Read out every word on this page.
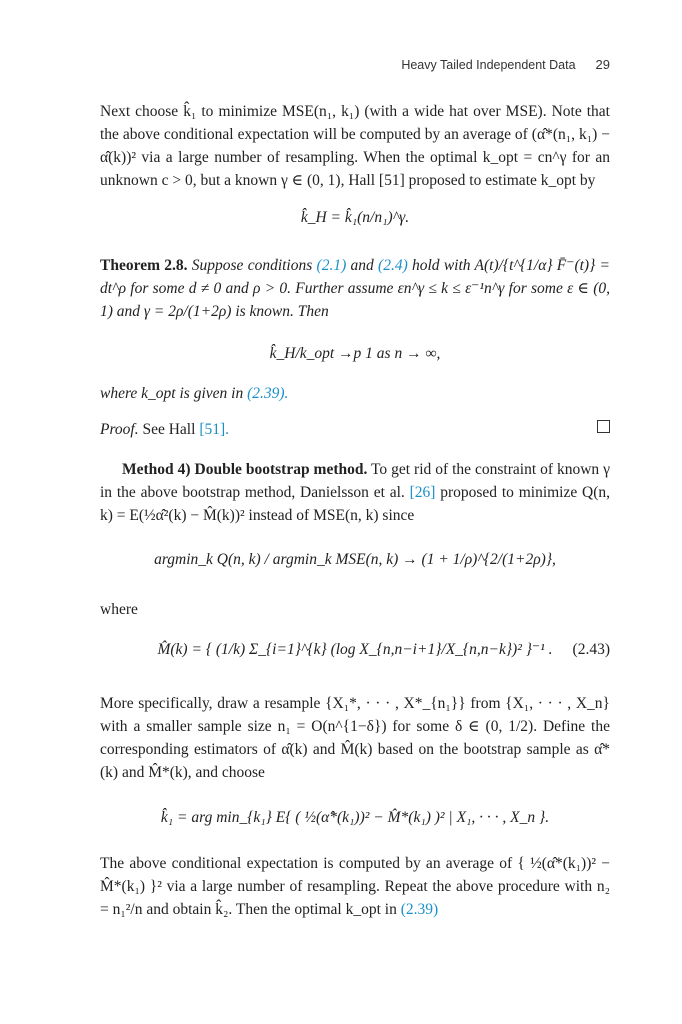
Heavy Tailed Independent Data 29
Next choose k̂₁ to minimize MSE(n₁, k₁) (with a wide hat over MSE). Note that the above conditional expectation will be computed by an average of (α̂*(n₁, k₁) − α̂(k))² via a large number of resampling. When the optimal k_opt = cn^γ for an unknown c > 0, but a known γ ∈ (0, 1), Hall [51] proposed to estimate k_opt by
k̂_H = k̂₁(n/n₁)^γ.
Theorem 2.8. Suppose conditions (2.1) and (2.4) hold with A(t)/{t^{1/α} F̄⁻(t)} = dt^ρ for some d ≠ 0 and ρ > 0. Further assume εn^γ ≤ k ≤ ε⁻¹n^γ for some ε ∈ (0, 1) and γ = 2ρ/(1+2ρ) is known. Then
k̂_H/k_opt →p 1 as n → ∞,
where k_opt is given in (2.39).
Proof. See Hall [51].
Method 4) Double bootstrap method. To get rid of the constraint of known γ in the above bootstrap method, Danielsson et al. [26] proposed to minimize Q(n, k) = E(½α̂²(k) − M̂(k))² instead of MSE(n, k) since
argmin_k Q(n, k) / argmin_k MSE(n, k) → (1 + 1/ρ)^{2/(1+2ρ)},
where
M̂(k) = { (1/k) Σ_{i=1}^{k} (log X_{n,n−i+1}/X_{n,n−k})² }⁻¹ . (2.43)
More specifically, draw a resample {X₁*, · · · , X*_{n₁}} from {X₁, · · · , X_n} with a smaller sample size n₁ = O(n^{1−δ}) for some δ ∈ (0, 1/2). Define the corresponding estimators of α̂(k) and M̂(k) based on the bootstrap sample as α̂*(k) and M̂*(k), and choose
k̂₁ = arg min_{k₁} E{ ( ½(α̂*(k₁))² − M̂*(k₁) )² | X₁, · · · , X_n }.
The above conditional expectation is computed by an average of { ½(α̂*(k₁))² − M̂*(k₁) }² via a large number of resampling. Repeat the above procedure with n₂ = n₁²/n and obtain k̂₂. Then the optimal k_opt in (2.39)
